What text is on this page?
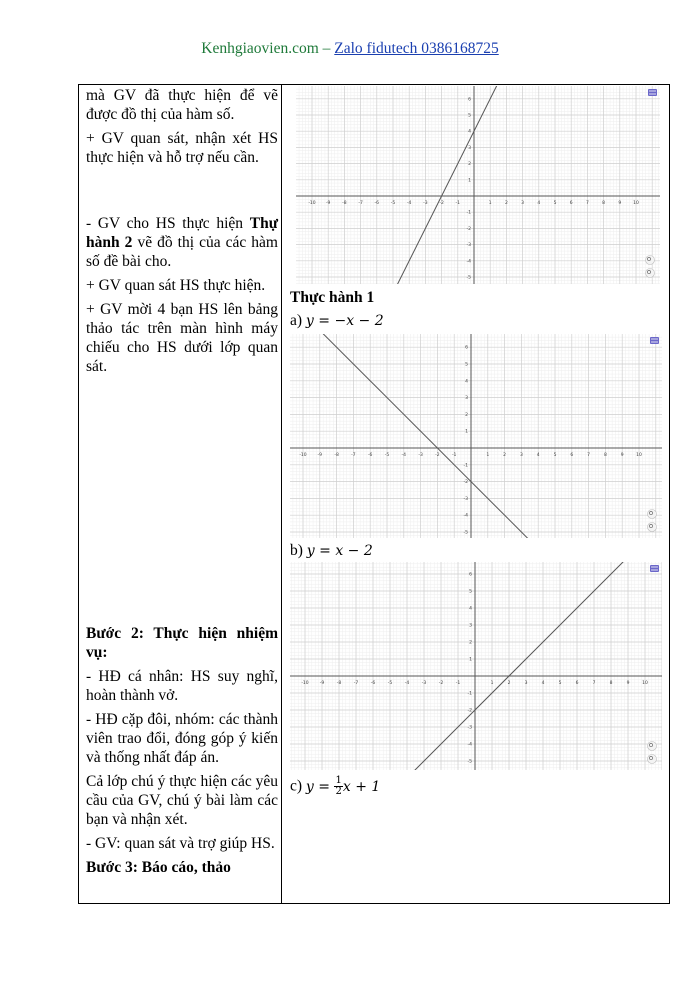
Kenhgiaovien.com – Zalo fidutech 0386168725

mà GV đã thực hiện để vẽ được đồ thị của hàm số.

+ GV quan sát, nhận xét HS thực hiện và hỗ trợ nếu cần.

- GV cho HS thực hiện Thự hành 2 vẽ đồ thị của các hàm số đề bài cho.

+ GV quan sát HS thực hiện.

+ GV mời 4 bạn HS lên bảng thảo tác trên màn hình máy chiếu cho HS dưới lớp quan sát.

Bước 2: Thực hiện nhiệm vụ:

- HĐ cá nhân: HS suy nghĩ, hoàn thành vở.

- HĐ cặp đôi, nhóm: các thành viên trao đổi, đóng góp ý kiến và thống nhất đáp án.

Cả lớp chú ý thực hiện các yêu cầu của GV, chú ý bài làm các bạn và nhận xét.

- GV: quan sát và trợ giúp HS.

Bước 3: Báo cáo, thảo

-10 -9	-8	-7	-6	-5	-4	-3	-2	-1	1	2	3	4	5	6	7	8	9	10
-5
-4
-3
-2
-1
1
2
3
4
5
6
Thực hành 1
a) y = −x − 2
-10 -9	-8	-7	-6	-5	-4	-3	-2	-1	1	2	3	4	5	6	7	8	9	10
-5
-4
-3
-2
-1
1
2
3
4
5
6
b) y = x − 2
-10 -9	-8	-7	-6	-5	-4	-3	-2	-1	1	2	3	4	5	6	7	8	9	10
-5
-4
-3
-2
-1
1
2
3
4
5
6
c) $y = \frac{1}{2}$ x + 1
